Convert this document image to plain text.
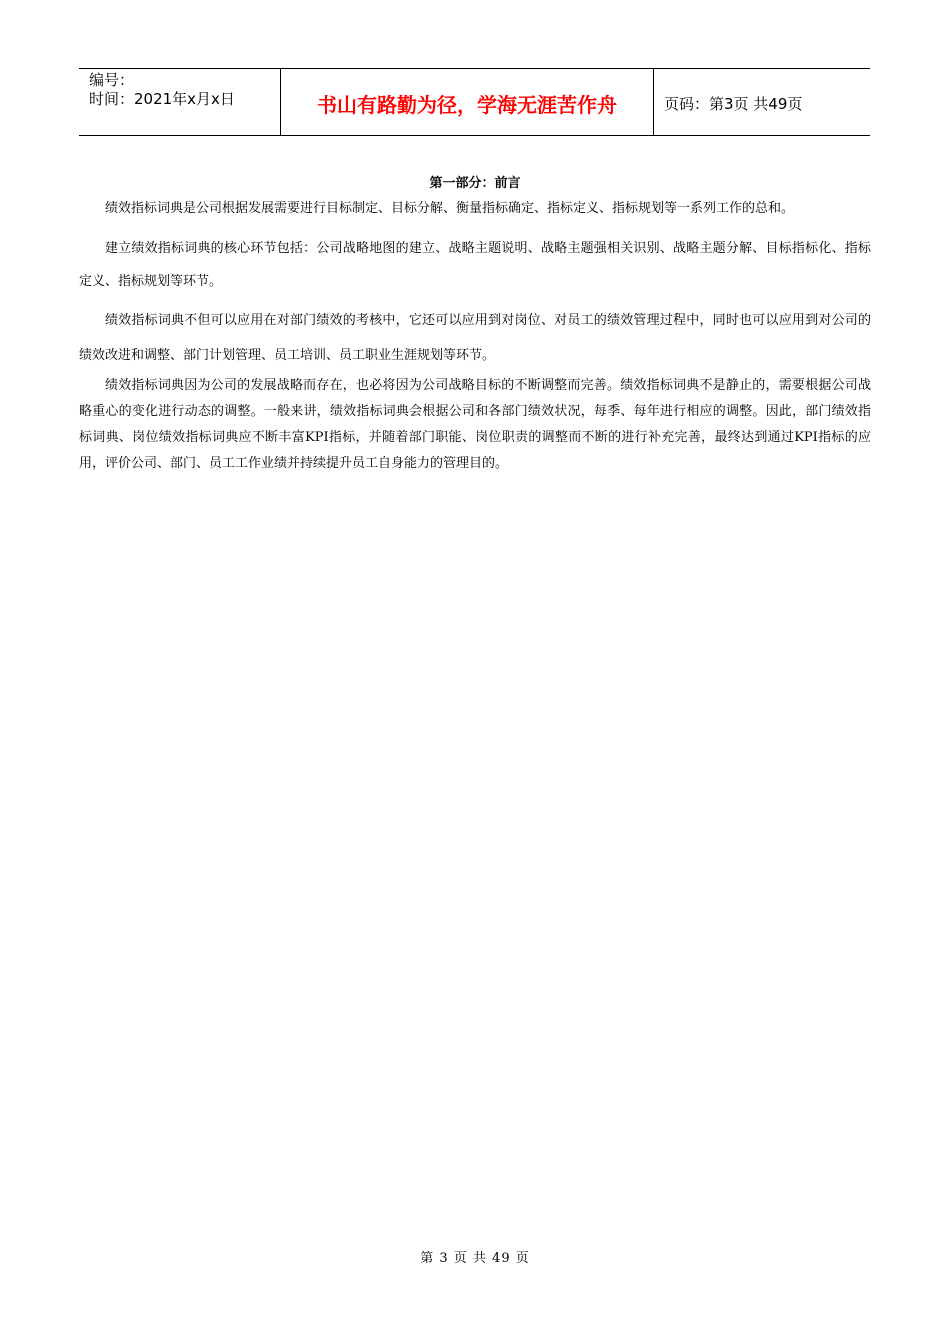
编号：
时间：2021年x月x日	书山有路勤为径，学海无涯苦作舟	页码：第3页 共49页
第一部分：前言

绩效指标词典是公司根据发展需要进行目标制定、目标分解、衡量指标确定、指标定义、指标规划等一系列工作的总和。

建立绩效指标词典的核心环节包括：公司战略地图的建立、战略主题说明、战略主题强相关识别、战略主题分解、目标指标化、指标定义、指标规划等环节。

绩效指标词典不但可以应用在对部门绩效的考核中，它还可以应用到对岗位、对员工的绩效管理过程中，同时也可以应用到对公司的绩效改进和调整、部门计划管理、员工培训、员工职业生涯规划等环节。

绩效指标词典因为公司的发展战略而存在，也必将因为公司战略目标的不断调整而完善。绩效指标词典不是静止的，需要根据公司战略重心的变化进行动态的调整。一般来讲，绩效指标词典会根据公司和各部门绩效状况，每季、每年进行相应的调整。因此，部门绩效指标词典、岗位绩效指标词典应不断丰富KPI指标，并随着部门职能、岗位职责的调整而不断的进行补充完善，最终达到通过KPI指标的应用，评价公司、部门、员工工作业绩并持续提升员工自身能力的管理目的。

第 3 页 共 49 页
